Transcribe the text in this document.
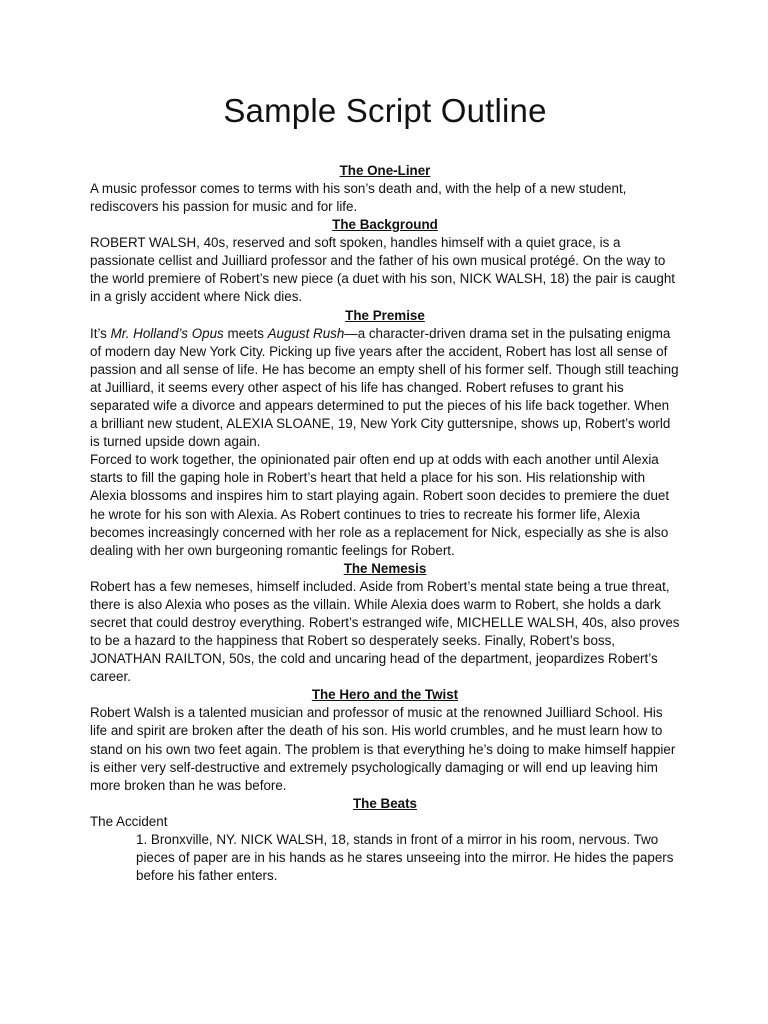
Sample Script Outline
The One-Liner

A music professor comes to terms with his son’s death and, with the help of a new student, rediscovers his passion for music and for life.

The Background

ROBERT WALSH, 40s, reserved and soft spoken, handles himself with a quiet grace, is a passionate cellist and Juilliard professor and the father of his own musical protégé. On the way to the world premiere of Robert’s new piece (a duet with his son, NICK WALSH, 18) the pair is caught in a grisly accident where Nick dies.

The Premise

It’s Mr. Holland’s Opus meets August Rush—a character-driven drama set in the pulsating enigma of modern day New York City. Picking up five years after the accident, Robert has lost all sense of passion and all sense of life. He has become an empty shell of his former self. Though still teaching at Juilliard, it seems every other aspect of his life has changed. Robert refuses to grant his separated wife a divorce and appears determined to put the pieces of his life back together. When a brilliant new student, ALEXIA SLOANE, 19, New York City guttersnipe, shows up, Robert’s world is turned upside down again.

Forced to work together, the opinionated pair often end up at odds with each another until Alexia starts to fill the gaping hole in Robert’s heart that held a place for his son. His relationship with Alexia blossoms and inspires him to start playing again. Robert soon decides to premiere the duet he wrote for his son with Alexia. As Robert continues to tries to recreate his former life, Alexia becomes increasingly concerned with her role as a replacement for Nick, especially as she is also dealing with her own burgeoning romantic feelings for Robert.

The Nemesis

Robert has a few nemeses, himself included. Aside from Robert’s mental state being a true threat, there is also Alexia who poses as the villain. While Alexia does warm to Robert, she holds a dark secret that could destroy everything. Robert’s estranged wife, MICHELLE WALSH, 40s, also proves to be a hazard to the happiness that Robert so desperately seeks. Finally, Robert’s boss, JONATHAN RAILTON, 50s, the cold and uncaring head of the department, jeopardizes Robert’s career.

The Hero and the Twist

Robert Walsh is a talented musician and professor of music at the renowned Juilliard School. His life and spirit are broken after the death of his son. His world crumbles, and he must learn how to stand on his own two feet again. The problem is that everything he’s doing to make himself happier is either very self-destructive and extremely psychologically damaging or will end up leaving him more broken than he was before.

The Beats

The Accident

1. Bronxville, NY. NICK WALSH, 18, stands in front of a mirror in his room, nervous. Two pieces of paper are in his hands as he stares unseeing into the mirror. He hides the papers before his father enters.
